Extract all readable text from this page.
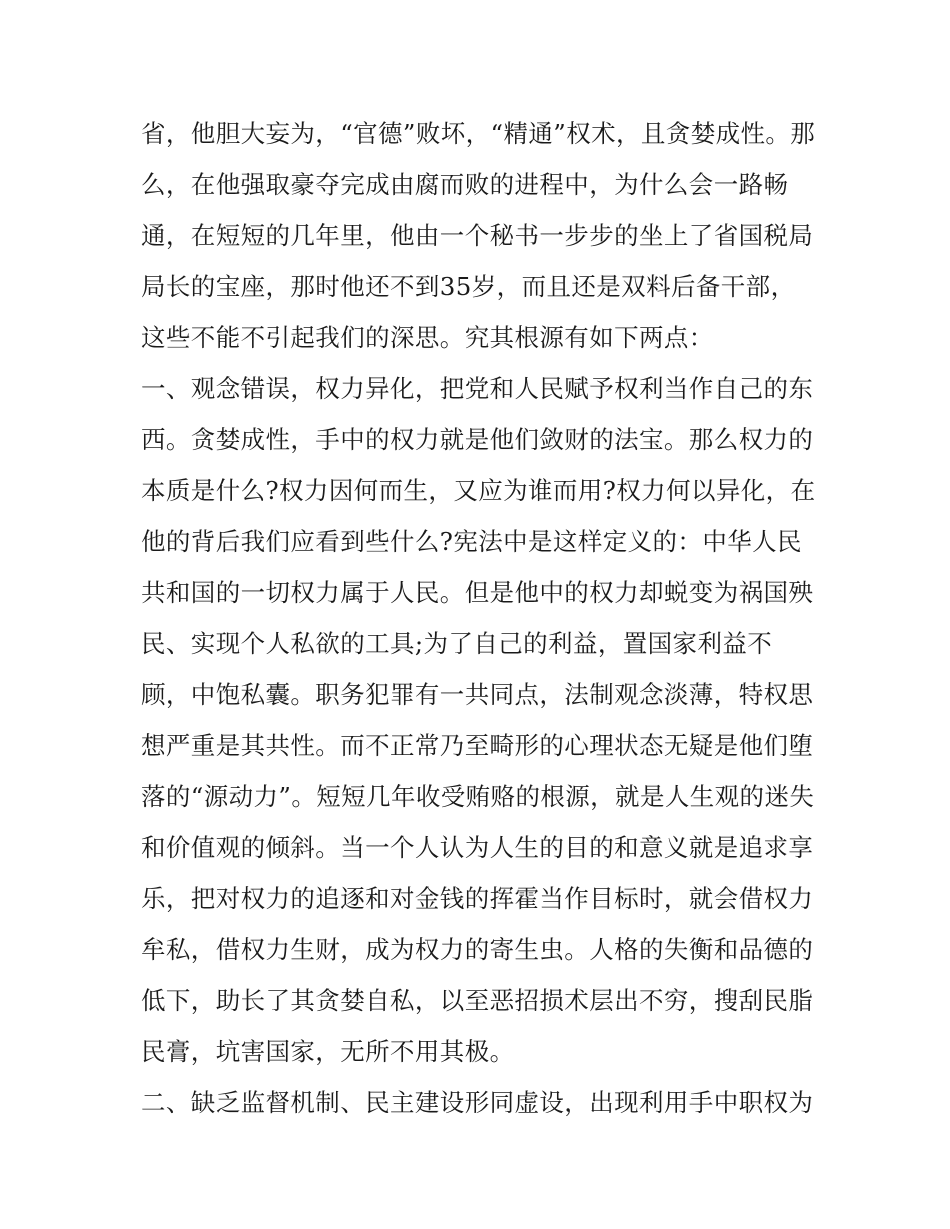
省，他胆大妄为，“官德”败坏，“精通”权术，且贪婪成性。那
么，在他强取豪夺完成由腐而败的进程中，为什么会一路畅
通，在短短的几年里，他由一个秘书一步步的坐上了省国税局
局长的宝座，那时他还不到35岁，而且还是双料后备干部，
这些不能不引起我们的深思。究其根源有如下两点：
一、观念错误，权力异化，把党和人民赋予权利当作自己的东
西。贪婪成性，手中的权力就是他们敛财的法宝。那么权力的
本质是什么?权力因何而生，又应为谁而用?权力何以异化，在
他的背后我们应看到些什么?宪法中是这样定义的：中华人民
共和国的一切权力属于人民。但是他中的权力却蜕变为祸国殃
民、实现个人私欲的工具;为了自己的利益，置国家利益不
顾，中饱私囊。职务犯罪有一共同点，法制观念淡薄，特权思
想严重是其共性。而不正常乃至畸形的心理状态无疑是他们堕
落的“源动力”。短短几年收受贿赂的根源，就是人生观的迷失
和价值观的倾斜。当一个人认为人生的目的和意义就是追求享
乐，把对权力的追逐和对金钱的挥霍当作目标时，就会借权力
牟私，借权力生财，成为权力的寄生虫。人格的失衡和品德的
低下，助长了其贪婪自私，以至恶招损术层出不穷，搜刮民脂
民膏，坑害国家，无所不用其极。
二、缺乏监督机制、民主建设形同虚设，出现利用手中职权为
